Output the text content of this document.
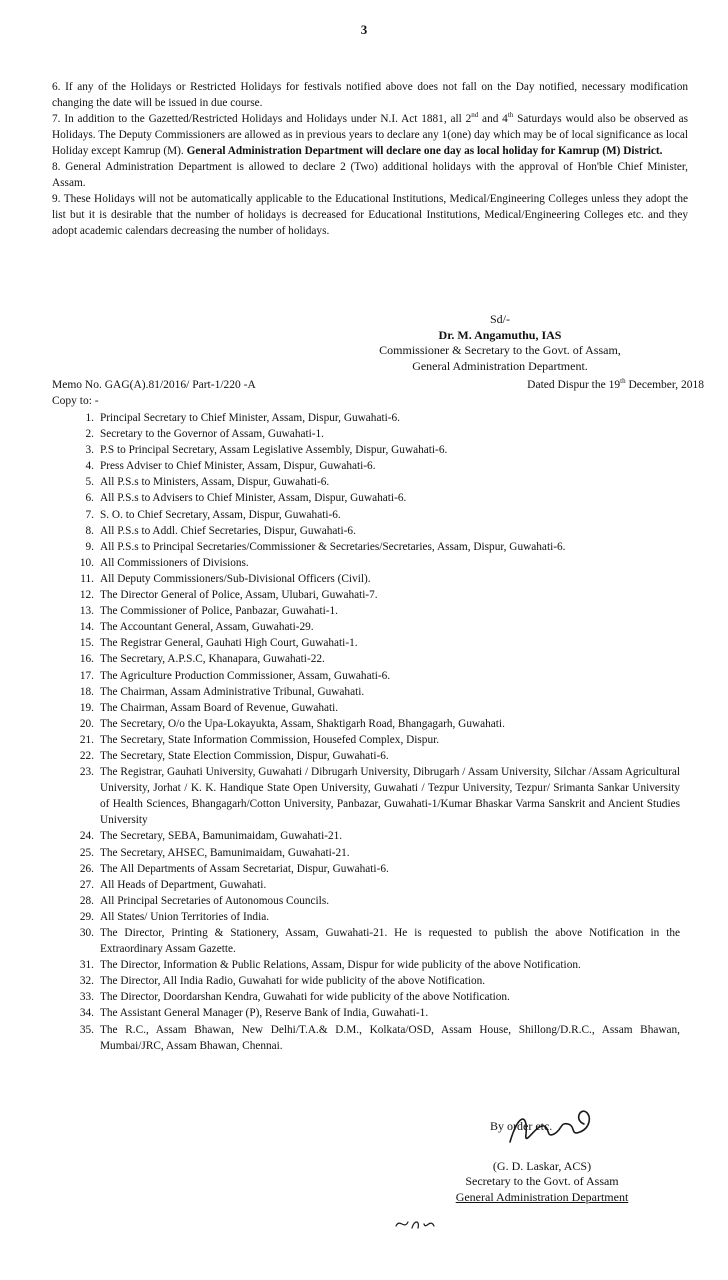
3

6. If any of the Holidays or Restricted Holidays for festivals notified above does not fall on the Day notified, necessary modification changing the date will be issued in due course.

7. In addition to the Gazetted/Restricted Holidays and Holidays under N.I. Act 1881, all 2nd and 4th Saturdays would also be observed as Holidays. The Deputy Commissioners are allowed as in previous years to declare any 1(one) day which may be of local significance as local Holiday except Kamrup (M). General Administration Department will declare one day as local holiday for Kamrup (M) District.

8. General Administration Department is allowed to declare 2 (Two) additional holidays with the approval of Hon'ble Chief Minister, Assam.

9. These Holidays will not be automatically applicable to the Educational Institutions, Medical/Engineering Colleges unless they adopt the list but it is desirable that the number of holidays is decreased for Educational Institutions, Medical/Engineering Colleges etc. and they adopt academic calendars decreasing the number of holidays.

Sd/-
Dr. M. Angamuthu, IAS
Commissioner & Secretary to the Govt. of Assam,
General Administration Department.
Memo No. GAG(A).81/2016/ Part-1/220 -A	Dated Dispur the 19th December, 2018
Copy to: -
1. Principal Secretary to Chief Minister, Assam, Dispur, Guwahati-6.
2. Secretary to the Governor of Assam, Guwahati-1.
3. P.S to Principal Secretary, Assam Legislative Assembly, Dispur, Guwahati-6.
4. Press Adviser to Chief Minister, Assam, Dispur, Guwahati-6.
5. All P.S.s to Ministers, Assam, Dispur, Guwahati-6.
6. All P.S.s to Advisers to Chief Minister, Assam, Dispur, Guwahati-6.
7. S. O. to Chief Secretary, Assam, Dispur, Guwahati-6.
8. All P.S.s to Addl. Chief Secretaries, Dispur, Guwahati-6.
9. All P.S.s to Principal Secretaries/Commissioner & Secretaries/Secretaries, Assam, Dispur, Guwahati-6.
10. All Commissioners of Divisions.
11. All Deputy Commissioners/Sub-Divisional Officers (Civil).
12. The Director General of Police, Assam, Ulubari, Guwahati-7.
13. The Commissioner of Police, Panbazar, Guwahati-1.
14. The Accountant General, Assam, Guwahati-29.
15. The Registrar General, Gauhati High Court, Guwahati-1.
16. The Secretary, A.P.S.C, Khanapara, Guwahati-22.
17. The Agriculture Production Commissioner, Assam, Guwahati-6.
18. The Chairman, Assam Administrative Tribunal, Guwahati.
19. The Chairman, Assam Board of Revenue, Guwahati.
20. The Secretary, O/o the Upa-Lokayukta, Assam, Shaktigarh Road, Bhangagarh, Guwahati.
21. The Secretary, State Information Commission, Housefed Complex, Dispur.
22. The Secretary, State Election Commission, Dispur, Guwahati-6.
23. The Registrar, Gauhati University, Guwahati / Dibrugarh University, Dibrugarh / Assam University, Silchar /Assam Agricultural University, Jorhat / K. K. Handique State Open University, Guwahati / Tezpur University, Tezpur/ Srimanta Sankar University of Health Sciences, Bhangagarh/Cotton University, Panbazar, Guwahati-1/Kumar Bhaskar Varma Sanskrit and Ancient Studies University
24. The Secretary, SEBA, Bamunimaidam, Guwahati-21.
25. The Secretary, AHSEC, Bamunimaidam, Guwahati-21.
26. The All Departments of Assam Secretariat, Dispur, Guwahati-6.
27. All Heads of Department, Guwahati.
28. All Principal Secretaries of Autonomous Councils.
29. All States/ Union Territories of India.
30. The Director, Printing & Stationery, Assam, Guwahati-21. He is requested to publish the above Notification in the Extraordinary Assam Gazette.
31. The Director, Information & Public Relations, Assam, Dispur for wide publicity of the above Notification.
32. The Director, All India Radio, Guwahati for wide publicity of the above Notification.
33. The Director, Doordarshan Kendra, Guwahati for wide publicity of the above Notification.
34. The Assistant General Manager (P), Reserve Bank of India, Guwahati-1.
35. The R.C., Assam Bhawan, New Delhi/T.A.& D.M., Kolkata/OSD, Assam House, Shillong/D.R.C., Assam Bhawan, Mumbai/JRC, Assam Bhawan, Chennai.
By order etc.
(G. D. Laskar, ACS)
Secretary to the Govt. of Assam
General Administration Department
